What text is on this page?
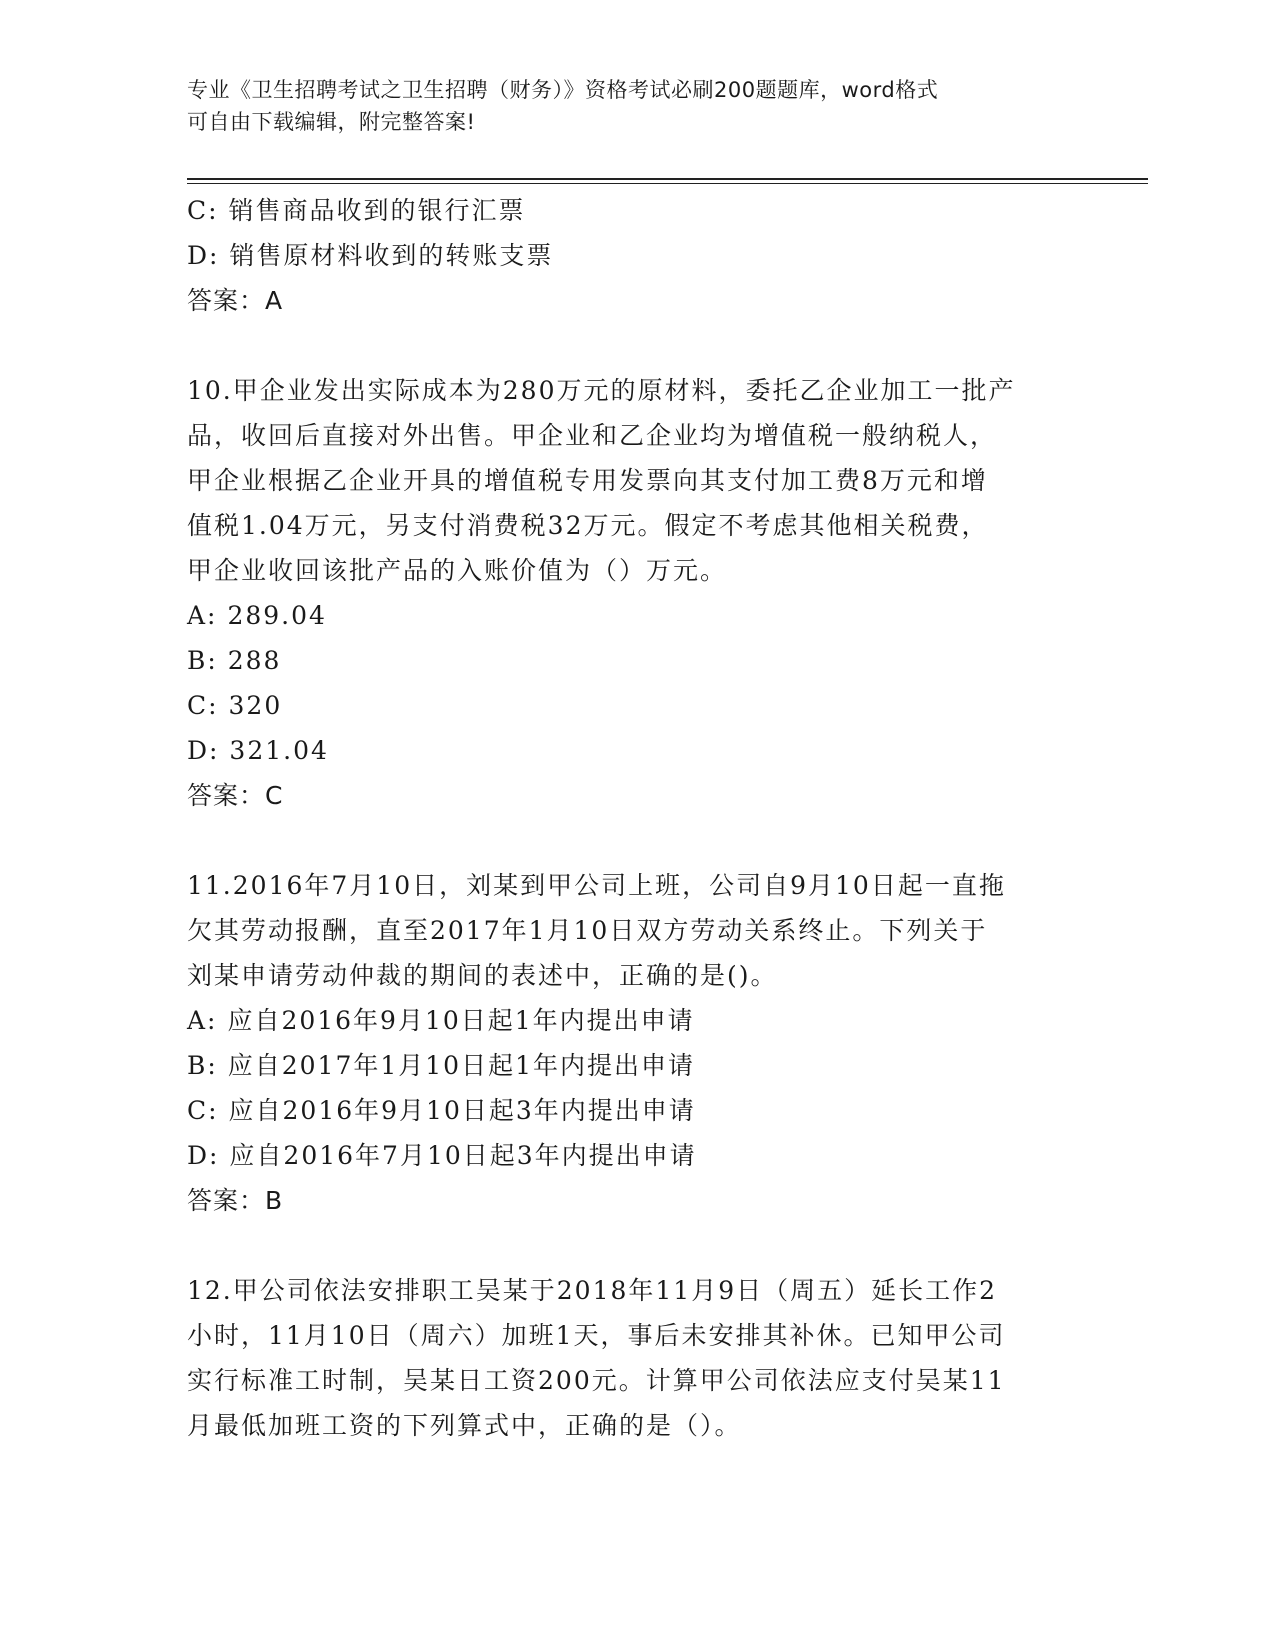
专业《卫生招聘考试之卫生招聘（财务）》资格考试必刷200题题库，word格式
可自由下载编辑，附完整答案!
C: 销售商品收到的银行汇票
D: 销售原材料收到的转账支票
答案：A
10.甲企业发出实际成本为280万元的原材料，委托乙企业加工一批产
品，收回后直接对外出售。甲企业和乙企业均为增值税一般纳税人，
甲企业根据乙企业开具的增值税专用发票向其支付加工费8万元和增
值税1.04万元，另支付消费税32万元。假定不考虑其他相关税费，
甲企业收回该批产品的入账价值为（）万元。
A: 289.04
B: 288
C: 320
D: 321.04
答案：C
11.2016年7月10日，刘某到甲公司上班，公司自9月10日起一直拖
欠其劳动报酬，直至2017年1月10日双方劳动关系终止。下列关于
刘某申请劳动仲裁的期间的表述中，正确的是()。
A: 应自2016年9月10日起1年内提出申请
B: 应自2017年1月10日起1年内提出申请
C: 应自2016年9月10日起3年内提出申请
D: 应自2016年7月10日起3年内提出申请
答案：B
12.甲公司依法安排职工吴某于2018年11月9日（周五）延长工作2
小时，11月10日（周六）加班1天，事后未安排其补休。已知甲公司
实行标准工时制，吴某日工资200元。计算甲公司依法应支付吴某11
月最低加班工资的下列算式中，正确的是（）。
